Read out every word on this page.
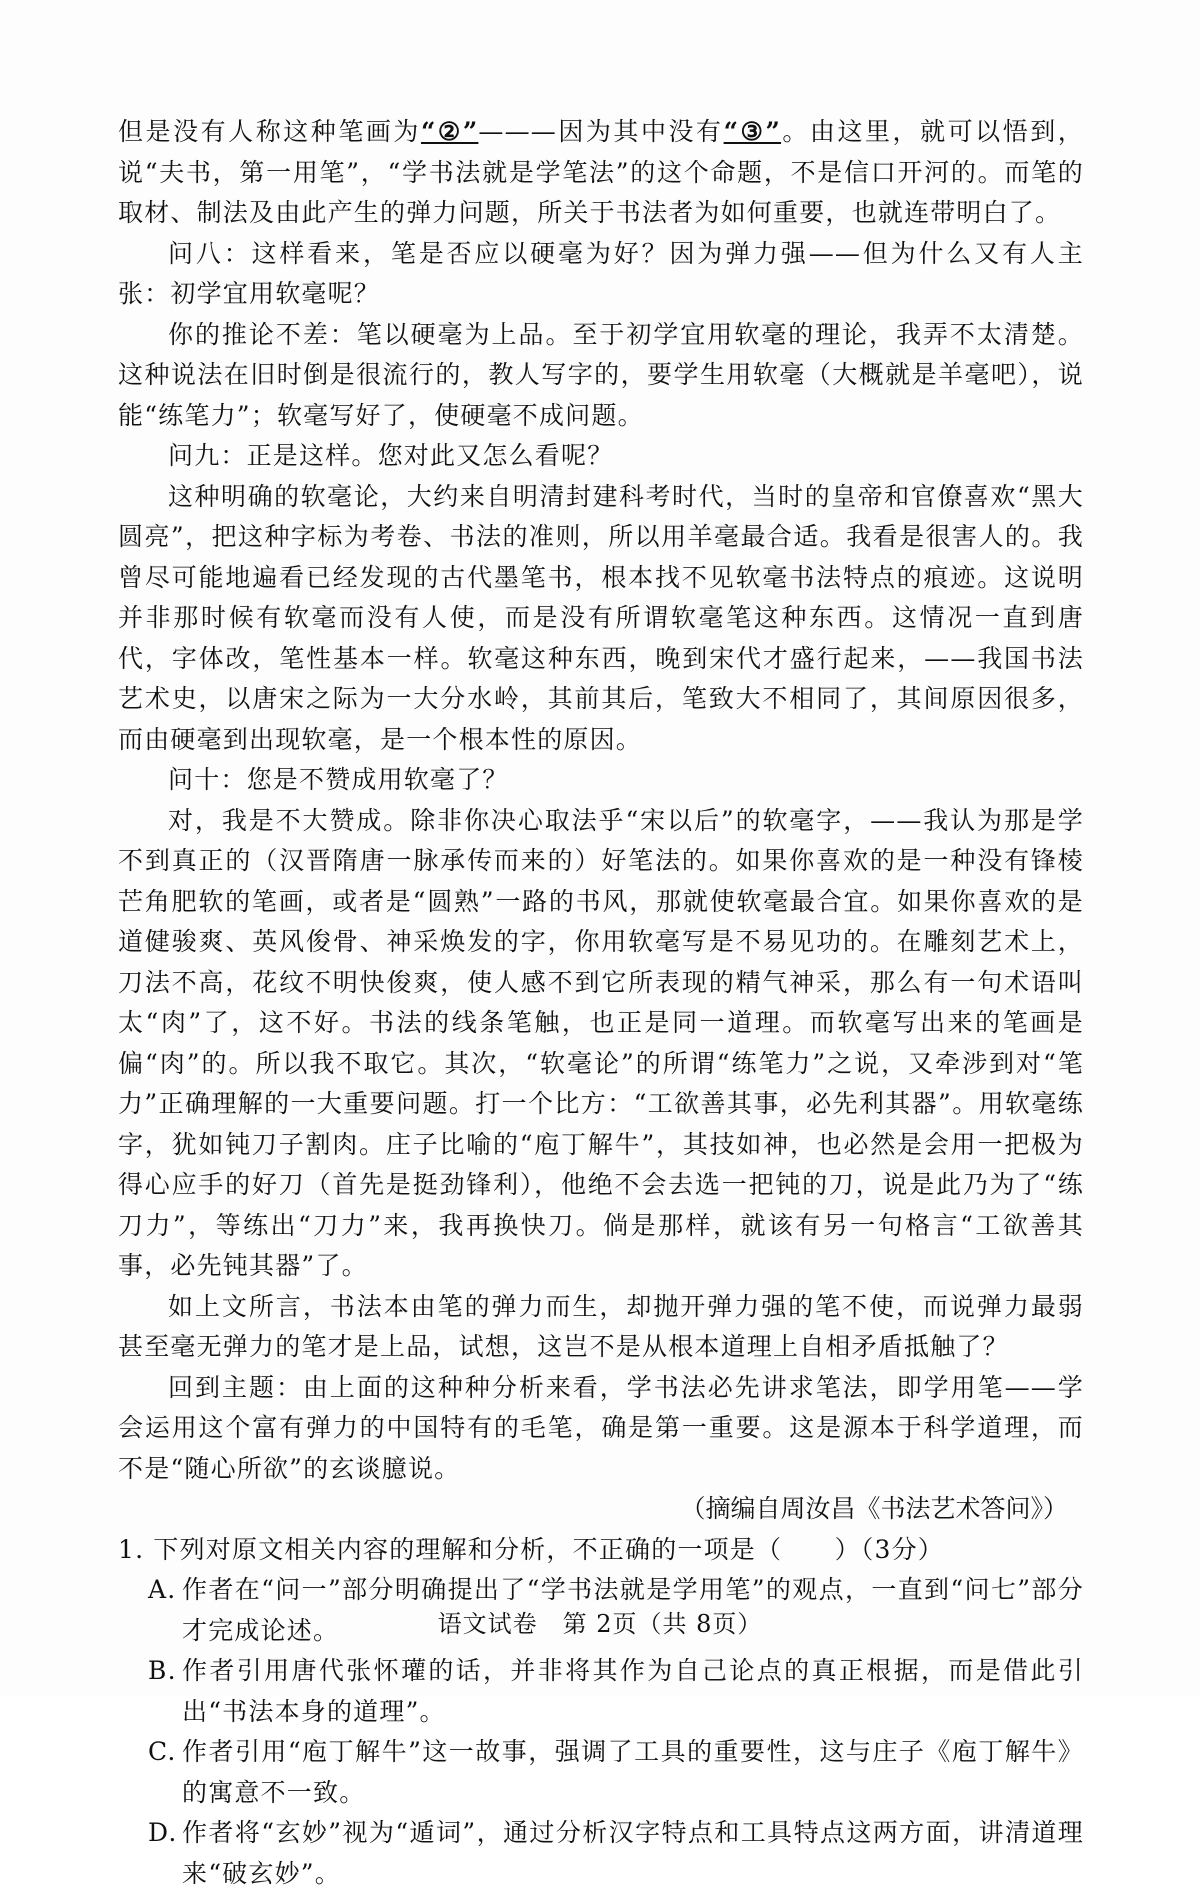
但是没有人称这种笔画为“②”———因为其中没有“③”。由这里，就可以悟到，说“夫书，第一用笔”，“学书法就是学笔法”的这个命题，不是信口开河的。而笔的取材、制法及由此产生的弹力问题，所关于书法者为如何重要，也就连带明白了。

问八：这样看来，笔是否应以硬毫为好？因为弹力强——但为什么又有人主张：初学宜用软毫呢？

你的推论不差：笔以硬毫为上品。至于初学宜用软毫的理论，我弄不太清楚。这种说法在旧时倒是很流行的，教人写字的，要学生用软毫（大概就是羊毫吧），说能“练笔力”；软毫写好了，使硬毫不成问题。

问九：正是这样。您对此又怎么看呢？

这种明确的软毫论，大约来自明清封建科考时代，当时的皇帝和官僚喜欢“黑大圆亮”，把这种字标为考卷、书法的准则，所以用羊毫最合适。我看是很害人的。我曾尽可能地遍看已经发现的古代墨笔书，根本找不见软毫书法特点的痕迹。这说明并非那时候有软毫而没有人使，而是没有所谓软毫笔这种东西。这情况一直到唐代，字体改，笔性基本一样。软毫这种东西，晚到宋代才盛行起来，——我国书法艺术史，以唐宋之际为一大分水岭，其前其后，笔致大不相同了，其间原因很多，而由硬毫到出现软毫，是一个根本性的原因。

问十：您是不赞成用软毫了？

对，我是不大赞成。除非你决心取法乎“宋以后”的软毫字，——我认为那是学不到真正的（汉晋隋唐一脉承传而来的）好笔法的。如果你喜欢的是一种没有锋棱芒角肥软的笔画，或者是“圆熟”一路的书风，那就使软毫最合宜。如果你喜欢的是道健骏爽、英风俊骨、神采焕发的字，你用软毫写是不易见功的。在雕刻艺术上，刀法不高，花纹不明快俊爽，使人感不到它所表现的精气神采，那么有一句术语叫太“肉”了，这不好。书法的线条笔触，也正是同一道理。而软毫写出来的笔画是偏“肉”的。所以我不取它。其次，“软毫论”的所谓“练笔力”之说，又牵涉到对“笔力”正确理解的一大重要问题。打一个比方：“工欲善其事，必先利其器”。用软毫练字，犹如钝刀子割肉。庄子比喻的“庖丁解牛”，其技如神，也必然是会用一把极为得心应手的好刀（首先是挺劲锋利），他绝不会去选一把钝的刀，说是此乃为了“练刀力”，等练出“刀力”来，我再换快刀。倘是那样，就该有另一句格言“工欲善其事，必先钝其器”了。

如上文所言，书法本由笔的弹力而生，却抛开弹力强的笔不使，而说弹力最弱甚至毫无弹力的笔才是上品，试想，这岂不是从根本道理上自相矛盾抵触了？

回到主题：由上面的这种种分析来看，学书法必先讲求笔法，即学用笔——学会运用这个富有弹力的中国特有的毛笔，确是第一重要。这是源本于科学道理，而不是“随心所欲”的玄谈臆说。

（摘编自周汝昌《书法艺术答问》）

1. 下列对原文相关内容的理解和分析，不正确的一项是（　　）（3分）

A. 作者在“问一”部分明确提出了“学书法就是学用笔”的观点，一直到“问七”部分才完成论述。
B. 作者引用唐代张怀瓘的话，并非将其作为自己论点的真正根据，而是借此引出“书法本身的道理”。
C. 作者引用“庖丁解牛”这一故事，强调了工具的重要性，这与庄子《庖丁解牛》的寓意不一致。
D. 作者将“玄妙”视为“遁词”，通过分析汉字特点和工具特点这两方面，讲清道理来“破玄妙”。
语文试卷　第 2页（共 8页）
